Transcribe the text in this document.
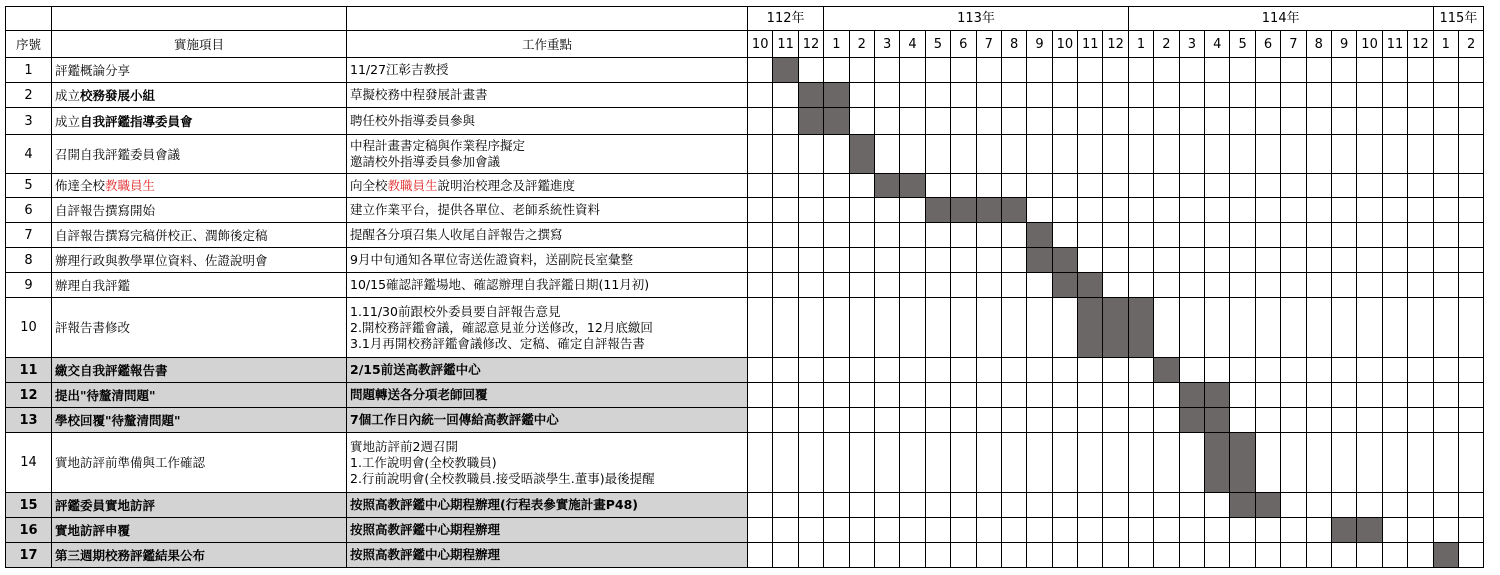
			112年			113年												114年												115年	
序號	實施項目	工作重點	10	11	12	1	2	3	4	5	6	7	8	9	10	11	12	1	2	3	4	5	6	7	8	9	10	11	12	1	2
1	評鑑概論分享	11/27江彰吉教授																													

2	成立校務發展小組	草擬校務中程發展計畫書																													

3	成立自我評鑑指導委員會	聘任校外指導委員參與																													

4	召開自我評鑑委員會議	中程計畫書定稿與作業程序擬定
邀請校外指導委員參加會議																													

5	佈達全校教職員生	向全校教職員生說明治校理念及評鑑進度																													

6	自評報告撰寫開始	建立作業平台，提供各單位、老師系統性資料																													

7	自評報告撰寫完稿併校正、潤飾後定稿	提醒各分項召集人收尾自評報告之撰寫																													

8	辦理行政與教學單位資料、佐證說明會	9月中旬通知各單位寄送佐證資料，送副院長室彙整																													

9	辦理自我評鑑	10/15確認評鑑場地、確認辦理自我評鑑日期(11月初)																													

10	評報告書修改	1.11/30前跟校外委員要自評報告意見
2.開校務評鑑會議，確認意見並分送修改，12月底繳回
3.1月再開校務評鑑會議修改、定稿、確定自評報告書																													

11	繳交自我評鑑報告書	2/15前送高教評鑑中心																													

12	提出"待釐清問題"	問題轉送各分項老師回覆																													

13	學校回覆"待釐清問題"	7個工作日內統一回傳給高教評鑑中心																													

14	實地訪評前準備與工作確認	實地訪評前2週召開
1.工作說明會(全校教職員)
2.行前說明會(全校教職員.接受晤談學生.董事)最後提醒																													

15	評鑑委員實地訪評	按照高教評鑑中心期程辦理(行程表參實施計畫P48)																													

16	實地訪評申覆	按照高教評鑑中心期程辦理																													

17	第三週期校務評鑑結果公布	按照高教評鑑中心期程辦理																													
